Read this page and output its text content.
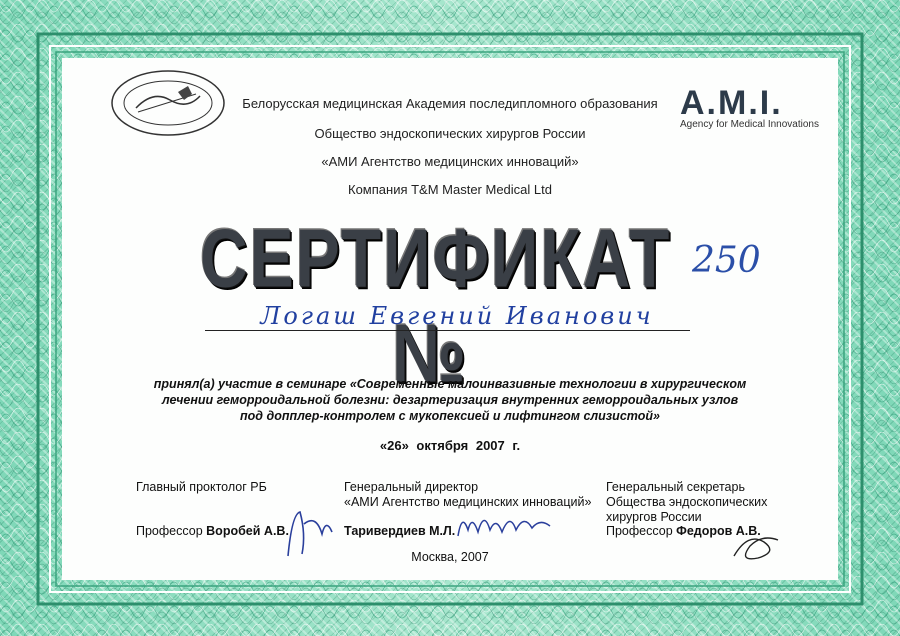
Белорусская медицинская Академия последипломного образования
Общество эндоскопических хирургов России
«АМИ Агентство медицинских инноваций»
Компания T&M Master Medical Ltd
A.M.I.
Agency for Medical Innovations
СЕРТИФИКАТ №
250
Логаш Евгений Иванович
принял(а) участие в семинаре «Современные малоинвазивные технологии в хирургическом
лечении геморроидальной болезни: дезартеризация внутренних геморроидальных узлов
под допплер-контролем с мукопексией и лифтингом слизистой»
«26» октября 2007 г.
Главный проктолог РБ
Профессор Воробей А.В.
Генеральный директор
«АМИ Агентство медицинских инноваций»
Таривердиев М.Л.
Генеральный секретарь
Общества эндоскопических
хирургов России
Профессор Федоров А.В.
Москва, 2007
